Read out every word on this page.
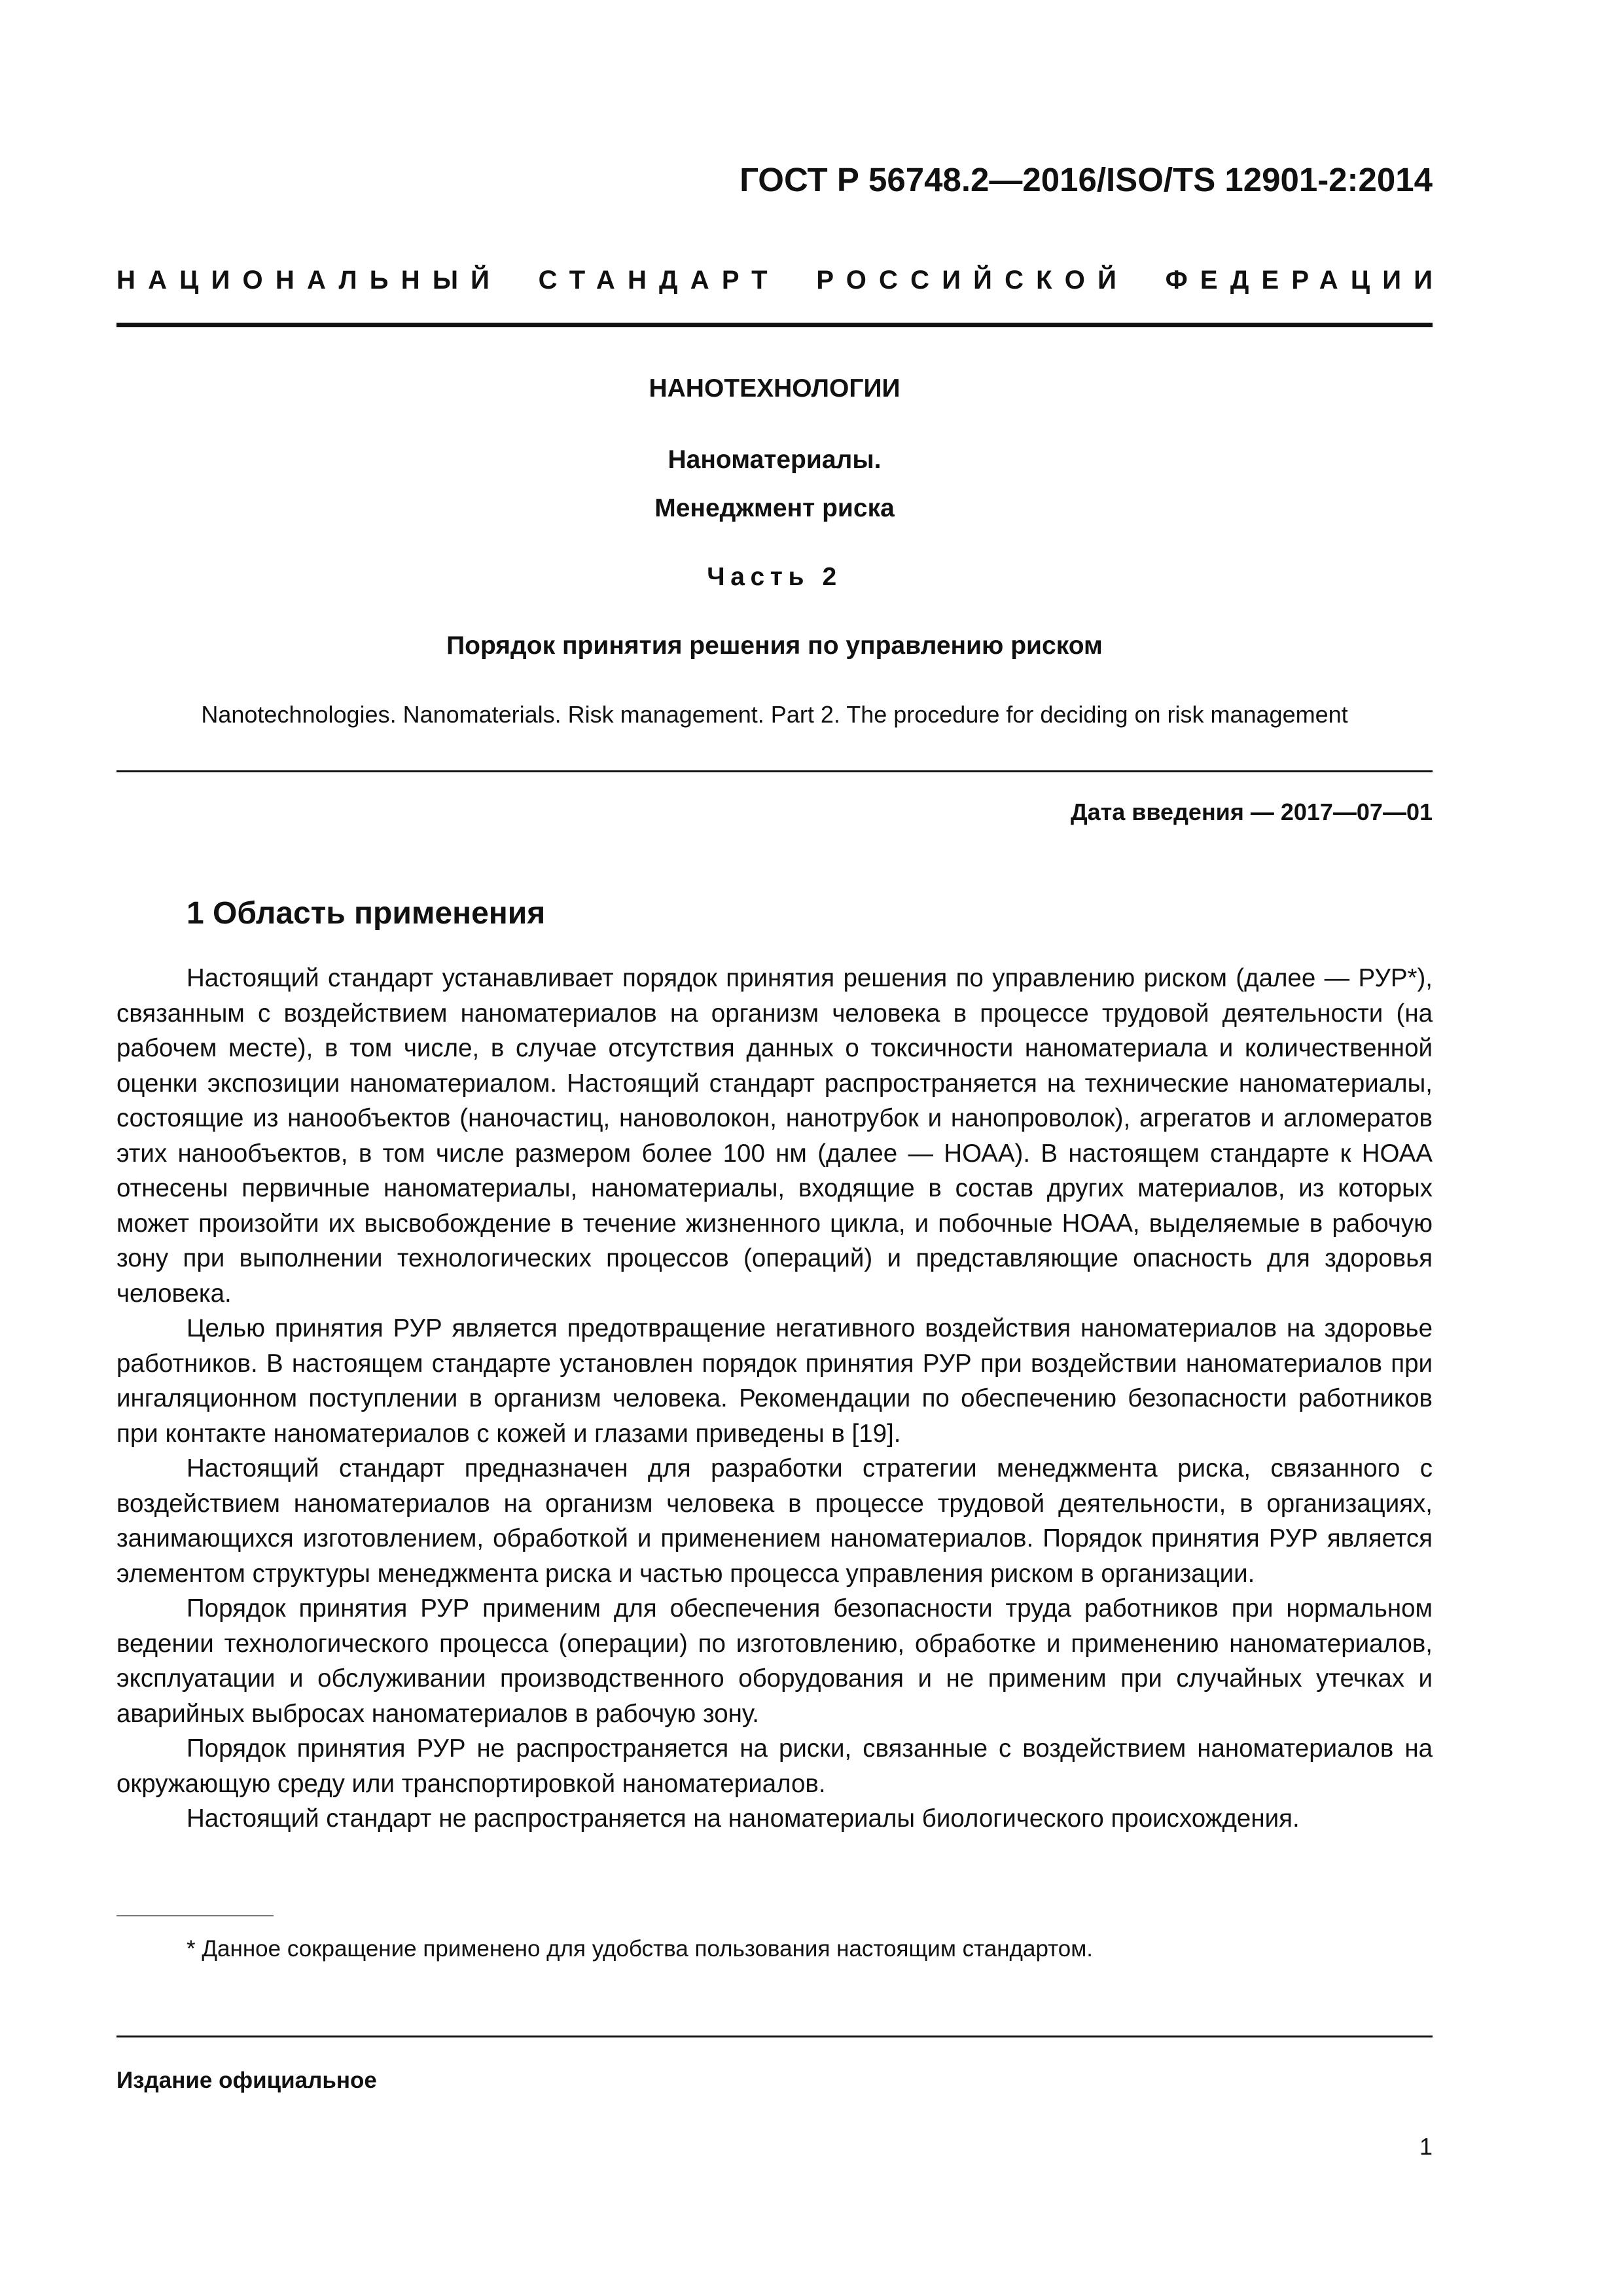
ГОСТ Р 56748.2—2016/ISO/TS 12901-2:2014
НАЦИОНАЛЬНЫЙ СТАНДАРТ РОССИЙСКОЙ ФЕДЕРАЦИИ
НАНОТЕХНОЛОГИИ
Наноматериалы.
Менеджмент риска
Часть 2
Порядок принятия решения по управлению риском
Nanotechnologies. Nanomaterials. Risk management. Part 2. The procedure for deciding on risk management
Дата введения — 2017—07—01
1 Область применения

Настоящий стандарт устанавливает порядок принятия решения по управлению риском (далее — РУР*), связанным с воздействием наноматериалов на организм человека в процессе трудовой деятельности (на рабочем месте), в том числе, в случае отсутствия данных о токсичности наноматериала и количественной оценки экспозиции наноматериалом. Настоящий стандарт распространяется на технические наноматериалы, состоящие из нанообъектов (наночастиц, нановолокон, нанотрубок и нанопроволок), агрегатов и агломератов этих нанообъектов, в том числе размером более 100 нм (далее — НОАА). В настоящем стандарте к НОАА отнесены первичные наноматериалы, наноматериалы, входящие в состав других материалов, из которых может произойти их высвобождение в течение жизненного цикла, и побочные НОАА, выделяемые в рабочую зону при выполнении технологических процессов (операций) и представляющие опасность для здоровья человека.

Целью принятия РУР является предотвращение негативного воздействия наноматериалов на здоровье работников. В настоящем стандарте установлен порядок принятия РУР при воздействии наноматериалов при ингаляционном поступлении в организм человека. Рекомендации по обеспечению безопасности работников при контакте наноматериалов с кожей и глазами приведены в [19].

Настоящий стандарт предназначен для разработки стратегии менеджмента риска, связанного с воздействием наноматериалов на организм человека в процессе трудовой деятельности, в организациях, занимающихся изготовлением, обработкой и применением наноматериалов. Порядок принятия РУР является элементом структуры менеджмента риска и частью процесса управления риском в организации.

Порядок принятия РУР применим для обеспечения безопасности труда работников при нормальном ведении технологического процесса (операции) по изготовлению, обработке и применению наноматериалов, эксплуатации и обслуживании производственного оборудования и не применим при случайных утечках и аварийных выбросах наноматериалов в рабочую зону.

Порядок принятия РУР не распространяется на риски, связанные с воздействием наноматериалов на окружающую среду или транспортировкой наноматериалов.

Настоящий стандарт не распространяется на наноматериалы биологического происхождения.

* Данное сокращение применено для удобства пользования настоящим стандартом.
Издание официальное
1
